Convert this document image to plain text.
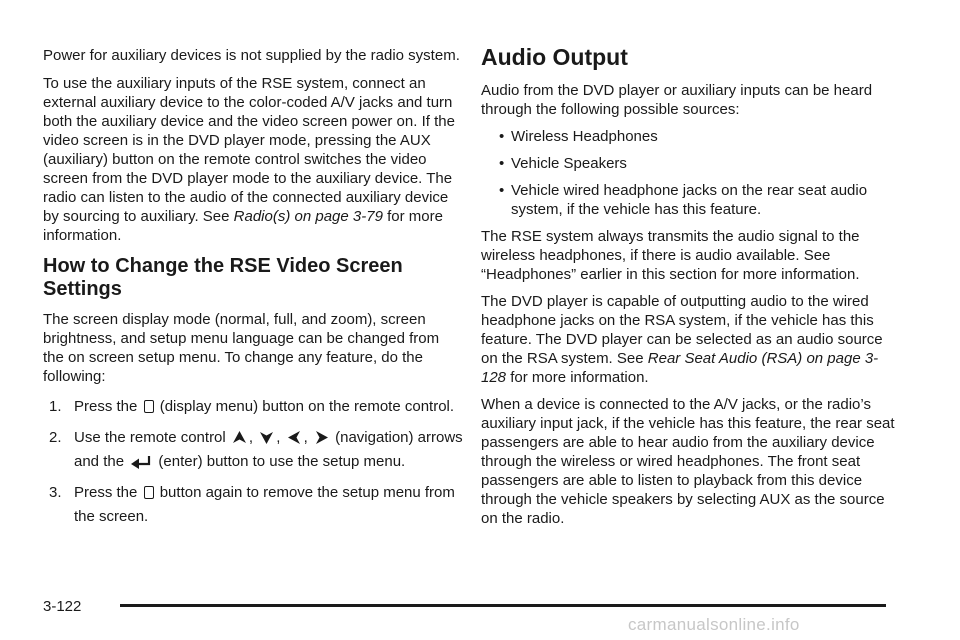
Power for auxiliary devices is not supplied by the radio system.

To use the auxiliary inputs of the RSE system, connect an external auxiliary device to the color-coded A/V jacks and turn both the auxiliary device and the video screen power on. If the video screen is in the DVD player mode, pressing the AUX (auxiliary) button on the remote control switches the video screen from the DVD player mode to the auxiliary device. The radio can listen to the audio of the connected auxiliary device by sourcing to auxiliary. See Radio(s) on page 3-79 for more information.

How to Change the RSE Video Screen Settings

The screen display mode (normal, full, and zoom), screen brightness, and setup menu language can be changed from the on screen setup menu. To change any feature, do the following:

1. Press the (display menu) button on the remote control.
2. Use the remote control , , , (navigation) arrows and the (enter) button to use the setup menu.
3. Press the button again to remove the setup menu from the screen.
Audio Output

Audio from the DVD player or auxiliary inputs can be heard through the following possible sources:

• Wireless Headphones
• Vehicle Speakers
• Vehicle wired headphone jacks on the rear seat audio system, if the vehicle has this feature.

The RSE system always transmits the audio signal to the wireless headphones, if there is audio available. See “Headphones” earlier in this section for more information.

The DVD player is capable of outputting audio to the wired headphone jacks on the RSA system, if the vehicle has this feature. The DVD player can be selected as an audio source on the RSA system. See Rear Seat Audio (RSA) on page 3-128 for more information.

When a device is connected to the A/V jacks, or the radio’s auxiliary input jack, if the vehicle has this feature, the rear seat passengers are able to hear audio from the auxiliary device through the wireless or wired headphones. The front seat passengers are able to listen to playback from this device through the vehicle speakers by selecting AUX as the source on the radio.

3-122
carmanualsonline.info
